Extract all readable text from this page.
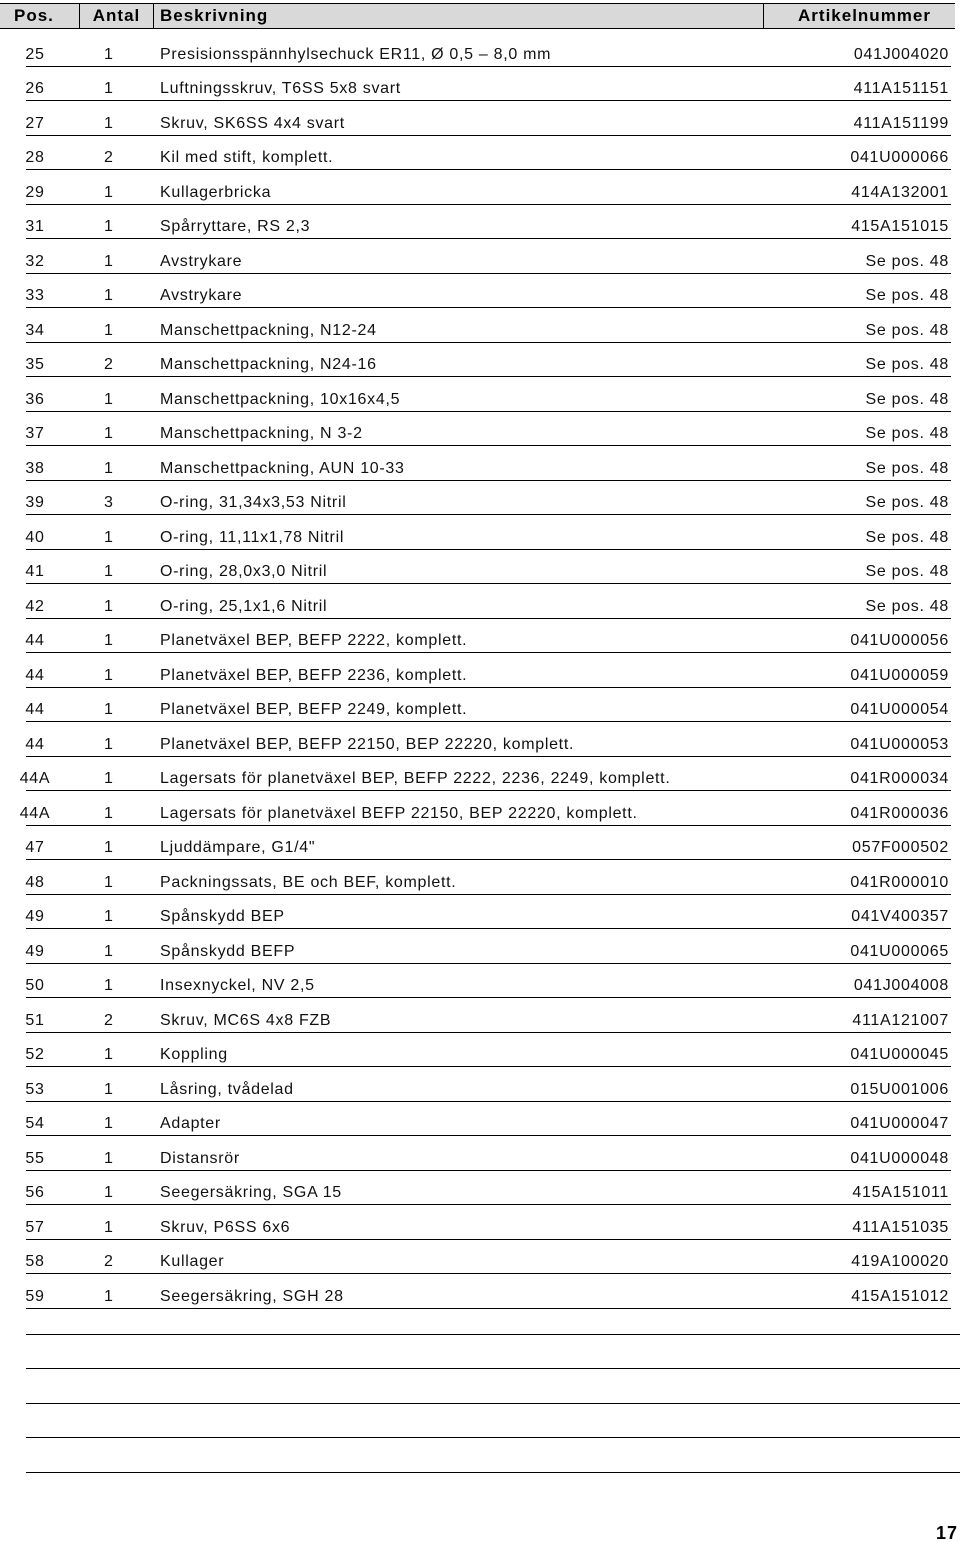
Pos.	Antal	Beskrivning	Artikelnummer
25	1	Presisionsspännhylsechuck ER11, Ø 0,5 – 8,0 mm	041J004020
26	1	Luftningsskruv, T6SS 5x8 svart	411A151151
27	1	Skruv, SK6SS 4x4 svart	411A151199
28	2	Kil med stift, komplett.	041U000066
29	1	Kullagerbricka	414A132001
31	1	Spårryttare, RS 2,3	415A151015
32	1	Avstrykare	Se pos. 48
33	1	Avstrykare	Se pos. 48
34	1	Manschettpackning, N12-24	Se pos. 48
35	2	Manschettpackning, N24-16	Se pos. 48
36	1	Manschettpackning, 10x16x4,5	Se pos. 48
37	1	Manschettpackning, N 3-2	Se pos. 48
38	1	Manschettpackning, AUN 10-33	Se pos. 48
39	3	O-ring, 31,34x3,53 Nitril	Se pos. 48
40	1	O-ring, 11,11x1,78 Nitril	Se pos. 48
41	1	O-ring, 28,0x3,0 Nitril	Se pos. 48
42	1	O-ring, 25,1x1,6 Nitril	Se pos. 48
44	1	Planetväxel BEP, BEFP 2222, komplett.	041U000056
44	1	Planetväxel BEP, BEFP 2236, komplett.	041U000059
44	1	Planetväxel BEP, BEFP 2249, komplett.	041U000054
44	1	Planetväxel BEP, BEFP 22150, BEP 22220, komplett.	041U000053
44A	1	Lagersats för planetväxel BEP, BEFP 2222, 2236, 2249, komplett.	041R000034
44A	1	Lagersats för planetväxel BEFP 22150, BEP 22220, komplett.	041R000036
47	1	Ljuddämpare, G1/4"	057F000502
48	1	Packningssats, BE och BEF, komplett.	041R000010
49	1	Spånskydd BEP	041V400357
49	1	Spånskydd BEFP	041U000065
50	1	Insexnyckel, NV 2,5	041J004008
51	2	Skruv, MC6S 4x8 FZB	411A121007
52	1	Koppling	041U000045
53	1	Låsring, tvådelad	015U001006
54	1	Adapter	041U000047
55	1	Distansrör	041U000048
56	1	Seegersäkring, SGA 15	415A151011
57	1	Skruv, P6SS 6x6	411A151035
58	2	Kullager	419A100020
59	1	Seegersäkring, SGH 28	415A151012
17
